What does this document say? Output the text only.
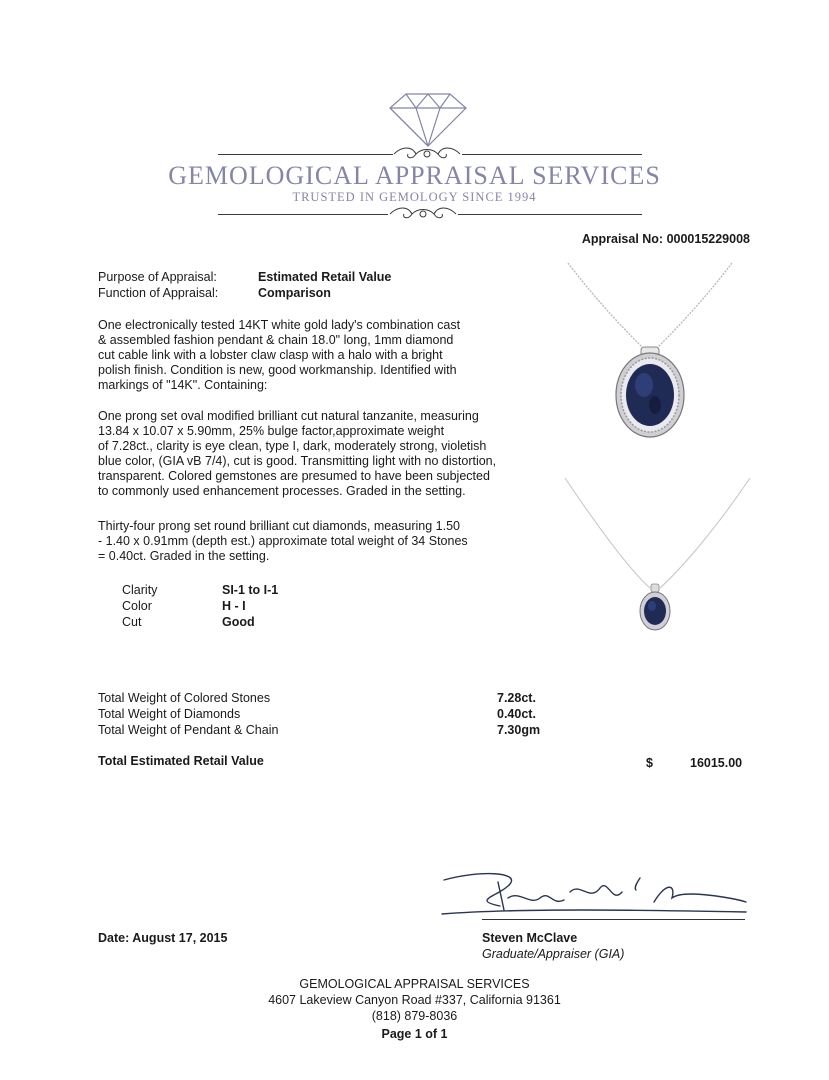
GEMOLOGICAL APPRAISAL SERVICES
TRUSTED IN GEMOLOGY SINCE 1994
Appraisal No: 000015229008
Purpose of Appraisal:	Estimated Retail Value
Function of Appraisal:	Comparison
One electronically tested 14KT white gold lady's combination cast
& assembled fashion pendant & chain 18.0" long, 1mm diamond
cut cable link with a lobster claw clasp with a halo with a bright
polish finish. Condition is new, good workmanship. Identified with
markings of "14K". Containing:
One prong set oval modified brilliant cut natural tanzanite, measuring
13.84 x 10.07 x 5.90mm, 25% bulge factor,approximate weight
of 7.28ct., clarity is eye clean, type I, dark, moderately strong, violetish
blue color, (GIA vB 7/4), cut is good. Transmitting light with no distortion,
transparent. Colored gemstones are presumed to have been subjected
to commonly used enhancement processes. Graded in the setting.
Thirty-four prong set round brilliant cut diamonds, measuring 1.50
- 1.40 x 0.91mm (depth est.) approximate total weight of 34 Stones
= 0.40ct. Graded in the setting.
Clarity	SI-1 to I-1
Color	H - I
Cut	Good
Total Weight of Colored Stones	7.28ct.
Total Weight of Diamonds	0.40ct.
Total Weight of Pendant & Chain	7.30gm
Total Estimated Retail Value	$	16015.00
Date: August 17, 2015	Steven McClave
Graduate/Appraiser (GIA)
GEMOLOGICAL APPRAISAL SERVICES
4607 Lakeview Canyon Road #337, California 91361
(818) 879-8036
Page 1 of 1
